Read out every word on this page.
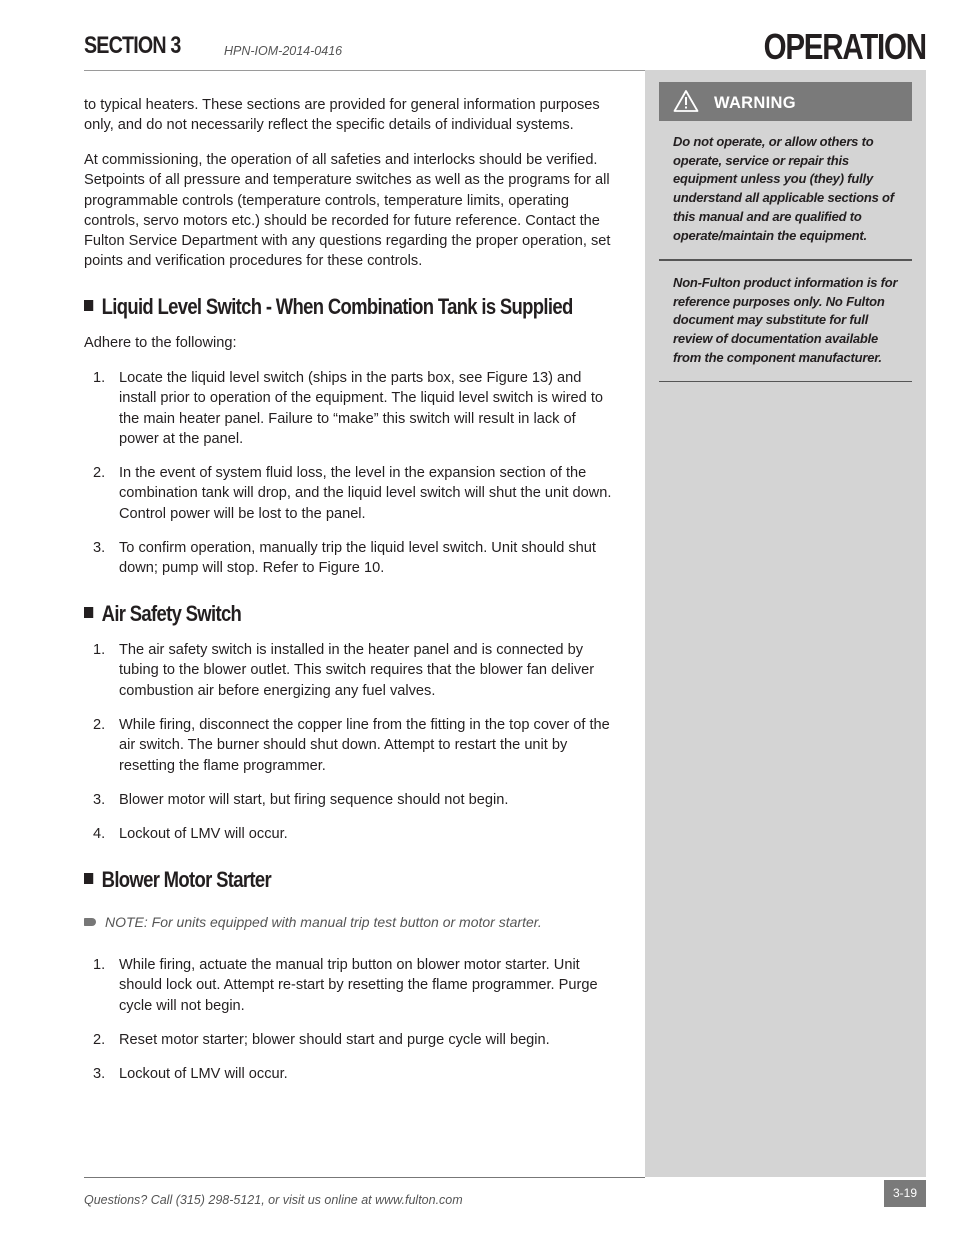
SECTION 3	HPN-IOM-2014-0416	OPERATION
WARNING
Do not operate, or allow others to operate, service or repair this equipment unless you (they) fully understand all applicable sections of this manual and are qualified to operate/maintain the equipment.
Non-Fulton product information is for reference purposes only. No Fulton document may substitute for full review of documentation available from the component manufacturer.
to typical heaters. These sections are provided for general information purposes only, and do not necessarily reflect the specific details of individual systems.
At commissioning, the operation of all safeties and interlocks should be verified. Setpoints of all pressure and temperature switches as well as the programs for all programmable controls (temperature controls, temperature limits, operating controls, servo motors etc.) should be recorded for future reference. Contact the Fulton Service Department with any questions regarding the proper operation, set points and verification procedures for these controls.
Liquid Level Switch - When Combination Tank is Supplied
Adhere to the following:
1. Locate the liquid level switch (ships in the parts box, see Figure 13) and install prior to operation of the equipment. The liquid level switch is wired to the main heater panel. Failure to “make” this switch will result in lack of power at the panel.
2. In the event of system fluid loss, the level in the expansion section of the combination tank will drop, and the liquid level switch will shut the unit down. Control power will be lost to the panel.
3. To confirm operation, manually trip the liquid level switch. Unit should shut down; pump will stop. Refer to Figure 10.
Air Safety Switch
1. The air safety switch is installed in the heater panel and is connected by tubing to the blower outlet. This switch requires that the blower fan deliver combustion air before energizing any fuel valves.
2. While firing, disconnect the copper line from the fitting in the top cover of the air switch. The burner should shut down. Attempt to restart the unit by resetting the flame programmer.
3. Blower motor will start, but firing sequence should not begin.
4. Lockout of LMV will occur.
Blower Motor Starter
NOTE: For units equipped with manual trip test button or motor starter.
1. While firing, actuate the manual trip button on blower motor starter. Unit should lock out. Attempt re-start by resetting the flame programmer. Purge cycle will not begin.
2. Reset motor starter; blower should start and purge cycle will begin.
3. Lockout of LMV will occur.
Questions? Call (315) 298-5121, or visit us online at www.fulton.com	3-19
